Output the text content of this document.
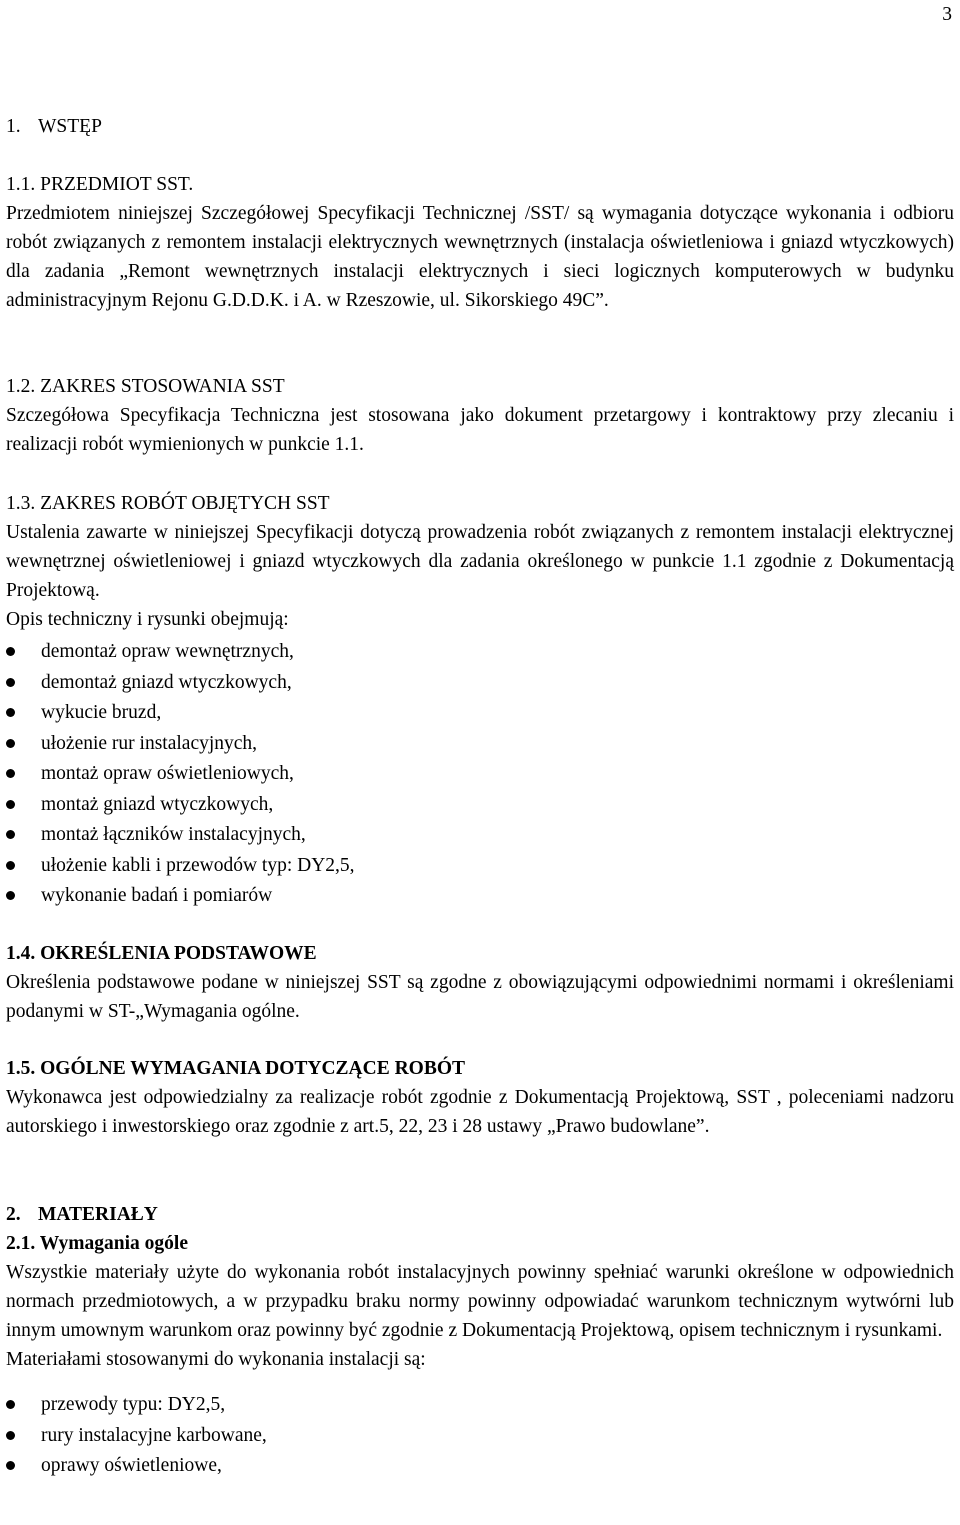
3
1. WSTĘP

1.1. PRZEDMIOT SST.

Przedmiotem niniejszej Szczegółowej Specyfikacji Technicznej /SST/ są wymagania dotyczące wykonania i odbioru robót związanych z remontem instalacji elektrycznych wewnętrznych (instalacja oświetleniowa i gniazd wtyczkowych) dla zadania „Remont wewnętrznych instalacji elektrycznych i sieci logicznych komputerowych w budynku administracyjnym Rejonu G.D.D.K. i A. w Rzeszowie, ul. Sikorskiego 49C”.

1.2. ZAKRES STOSOWANIA SST

Szczegółowa Specyfikacja Techniczna jest stosowana jako dokument przetargowy i kontraktowy przy zlecaniu i realizacji robót wymienionych w punkcie 1.1.

1.3. ZAKRES ROBÓT OBJĘTYCH SST

Ustalenia zawarte w niniejszej Specyfikacji dotyczą prowadzenia robót związanych z remontem instalacji elektrycznej wewnętrznej oświetleniowej i gniazd wtyczkowych dla zadania określonego w punkcie 1.1 zgodnie z Dokumentacją Projektową.

Opis techniczny i rysunki obejmują:

demontaż opraw wewnętrznych,
demontaż gniazd wtyczkowych,
wykucie bruzd,
ułożenie rur instalacyjnych,
montaż opraw oświetleniowych,
montaż gniazd wtyczkowych,
montaż łączników instalacyjnych,
ułożenie kabli i przewodów typ: DY2,5,
wykonanie badań i pomiarów

1.4. OKREŚLENIA PODSTAWOWE

Określenia podstawowe podane w niniejszej SST są zgodne z obowiązującymi odpowiednimi normami i określeniami podanymi w ST-„Wymagania ogólne.

1.5. OGÓLNE WYMAGANIA DOTYCZĄCE ROBÓT

Wykonawca jest odpowiedzialny za realizacje robót zgodnie z Dokumentacją Projektową, SST , poleceniami nadzoru autorskiego i inwestorskiego oraz zgodnie z art.5, 22, 23 i 28 ustawy „Prawo budowlane”.

2. MATERIAŁY

2.1. Wymagania ogóle

Wszystkie materiały użyte do wykonania robót instalacyjnych powinny spełniać warunki określone w odpowiednich normach przedmiotowych, a w przypadku braku normy powinny odpowiadać warunkom technicznym wytwórni lub innym umownym warunkom oraz powinny być zgodnie z Dokumentacją Projektową, opisem technicznym i rysunkami.

Materiałami stosowanymi do wykonania instalacji są:

przewody typu: DY2,5,
rury instalacyjne karbowane,
oprawy oświetleniowe,
